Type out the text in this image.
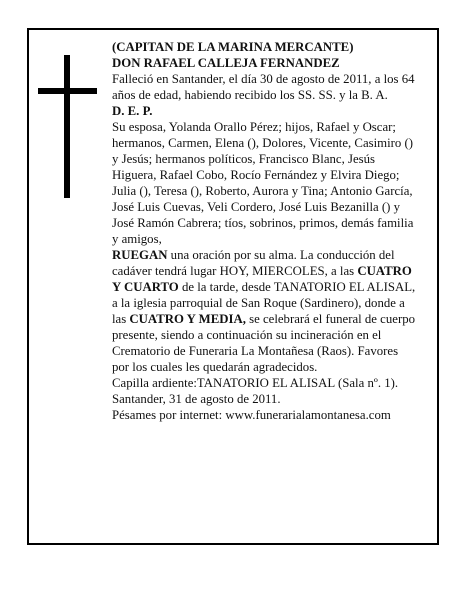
(CAPITAN DE LA MARINA MERCANTE)

DON RAFAEL CALLEJA FERNANDEZ

Falleció en Santander, el día 30 de agosto de 2011, a los 64 años de edad, habiendo recibido los SS. SS. y la B. A.

D. E. P.

Su esposa, Yolanda Orallo Pérez; hijos, Rafael y Oscar; hermanos, Carmen, Elena (), Dolores, Vicente, Casimiro () y Jesús; hermanos políticos, Francisco Blanc, Jesús Higuera, Rafael Cobo, Rocío Fernández y Elvira Diego; Julia (), Teresa (), Roberto, Aurora y Tina; Antonio García, José Luis Cuevas, Veli Cordero, José Luis Bezanilla () y José Ramón Cabrera; tíos, sobrinos, primos, demás familia y amigos,

RUEGAN una oración por su alma. La conducción del cadáver tendrá lugar HOY, MIERCOLES, a las CUATRO Y CUARTO de la tarde, desde TANATORIO EL ALISAL, a la iglesia parroquial de San Roque (Sardinero), donde a las CUATRO Y MEDIA, se celebrará el funeral de cuerpo presente, siendo a continuación su incineración en el Crematorio de Funeraria La Montañesa (Raos). Favores por los cuales les quedarán agradecidos.

Capilla ardiente:TANATORIO EL ALISAL (Sala nº. 1).

Santander, 31 de agosto de 2011.

Pésames por internet: www.funerarialamontanesa.com
